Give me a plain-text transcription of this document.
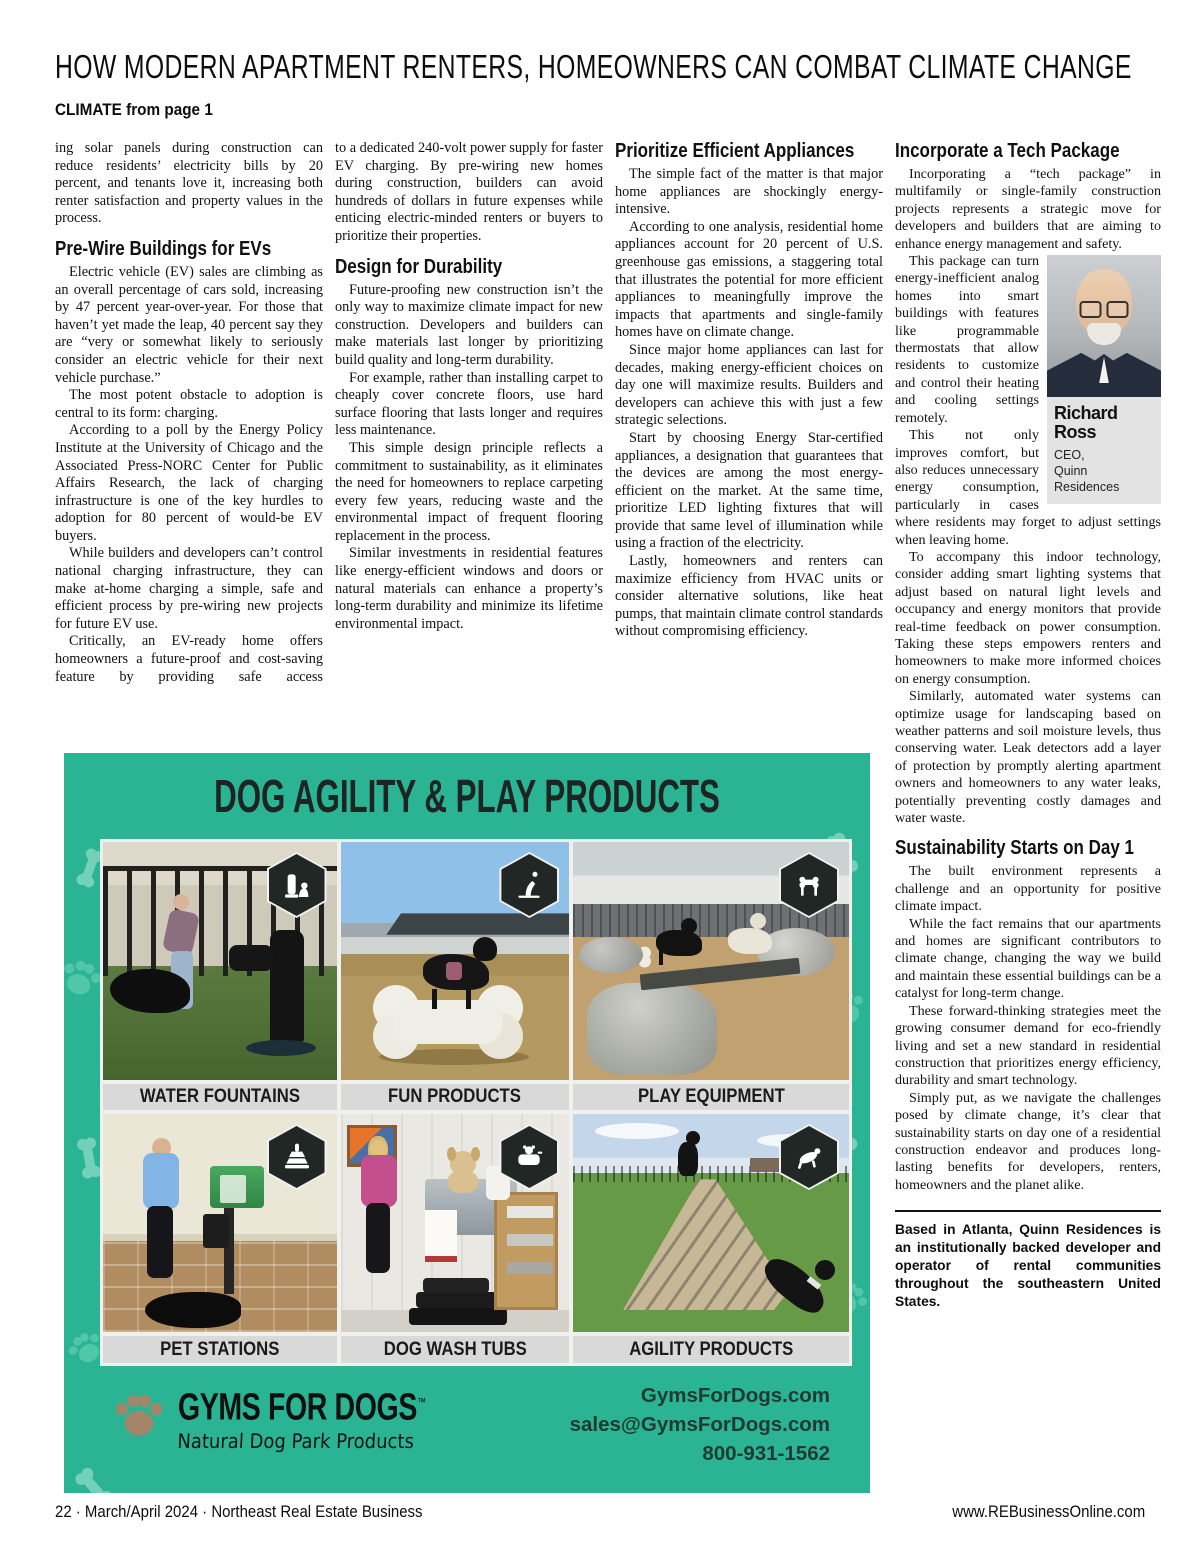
HOW MODERN APARTMENT RENTERS, HOMEOWNERS CAN COMBAT CLIMATE CHANGE
CLIMATE from page 1
ing solar panels during construction can reduce residents’ electricity bills by 20 percent, and tenants love it, increasing both renter satisfaction and property values in the process.
Pre-Wire Buildings for EVs
Electric vehicle (EV) sales are climbing as an overall percentage of cars sold, increasing by 47 percent year-over-year. For those that haven’t yet made the leap, 40 percent say they are “very or somewhat likely to seriously consider an electric vehicle for their next vehicle purchase.”
The most potent obstacle to adoption is central to its form: charging.
According to a poll by the Energy Policy Institute at the University of Chicago and the Associated Press-NORC Center for Public Affairs Research, the lack of charging infrastructure is one of the key hurdles to adoption for 80 percent of would-be EV buyers.
While builders and developers can’t control national charging infrastructure, they can make at-home charging a simple, safe and efficient process by pre-wiring new projects for future EV use.
Critically, an EV-ready home offers homeowners a future-proof and cost-saving feature by providing safe access
to a dedicated 240-volt power supply for faster EV charging. By pre-wiring new homes during construction, builders can avoid hundreds of dollars in future expenses while enticing electric-minded renters or buyers to prioritize their properties.
Design for Durability
Future-proofing new construction isn’t the only way to maximize climate impact for new construction. Developers and builders can make materials last longer by prioritizing build quality and long-term durability.
For example, rather than installing carpet to cheaply cover concrete floors, use hard surface flooring that lasts longer and requires less maintenance.
This simple design principle reflects a commitment to sustainability, as it eliminates the need for homeowners to replace carpeting every few years, reducing waste and the environmental impact of frequent flooring replacement in the process.
Similar investments in residential features like energy-efficient windows and doors or natural materials can enhance a property’s long-term durability and minimize its lifetime environmental impact.
Prioritize Efficient Appliances
The simple fact of the matter is that major home appliances are shockingly energy-intensive.
According to one analysis, residential home appliances account for 20 percent of U.S. greenhouse gas emissions, a staggering total that illustrates the potential for more efficient appliances to meaningfully improve the impacts that apartments and single-family homes have on climate change.
Since major home appliances can last for decades, making energy-efficient choices on day one will maximize results. Builders and developers can achieve this with just a few strategic selections.
Start by choosing Energy Star-certified appliances, a designation that guarantees that the devices are among the most energy-efficient on the market. At the same time, prioritize LED lighting fixtures that will provide that same level of illumination while using a fraction of the electricity.
Lastly, homeowners and renters can maximize efficiency from HVAC units or consider alternative solutions, like heat pumps, that maintain climate control standards without compromising efficiency.
Incorporate a Tech Package
Incorporating a “tech package” in multifamily or single-family construction projects represents a strategic move for developers and builders that are aiming to enhance energy management and safety.
Richard Ross
CEO,
Quinn Residences
This package can turn energy-inefficient analog homes into smart buildings with features like programmable thermostats that allow residents to customize and control their heating and cooling settings remotely.
This not only improves comfort, but also reduces unnecessary energy consumption, particularly in cases where residents may forget to adjust settings when leaving home.
To accompany this indoor technology, consider adding smart lighting systems that adjust based on natural light levels and occupancy and energy monitors that provide real-time feedback on power consumption. Taking these steps empowers renters and homeowners to make more informed choices on energy consumption.
Similarly, automated water systems can optimize usage for landscaping based on weather patterns and soil moisture levels, thus conserving water. Leak detectors add a layer of protection by promptly alerting apartment owners and homeowners to any water leaks, potentially preventing costly damages and water waste.
Sustainability Starts on Day 1
The built environment represents a challenge and an opportunity for positive climate impact.
While the fact remains that our apartments and homes are significant contributors to climate change, changing the way we build and maintain these essential buildings can be a catalyst for long-term change.
These forward-thinking strategies meet the growing consumer demand for eco-friendly living and set a new standard in residential construction that prioritizes energy efficiency, durability and smart technology.
Simply put, as we navigate the challenges posed by climate change, it’s clear that sustainability starts on day one of a residential construction endeavor and produces long-lasting benefits for developers, renters, homeowners and the planet alike.
Based in Atlanta, Quinn Residences is an institutionally backed developer and operator of rental communities throughout the southeastern United States.
DOG AGILITY & PLAY PRODUCTS
WATER FOUNTAINS	FUN PRODUCTS	PLAY EQUIPMENT
PET STATIONS	DOG WASH TUBS	AGILITY PRODUCTS
GYMS FOR DOGS™
Natural Dog Park Products
GymsForDogs.com
sales@GymsForDogs.com
800-931-1562
22 · March/April 2024 · Northeast Real Estate Business	www.REBusinessOnline.com
